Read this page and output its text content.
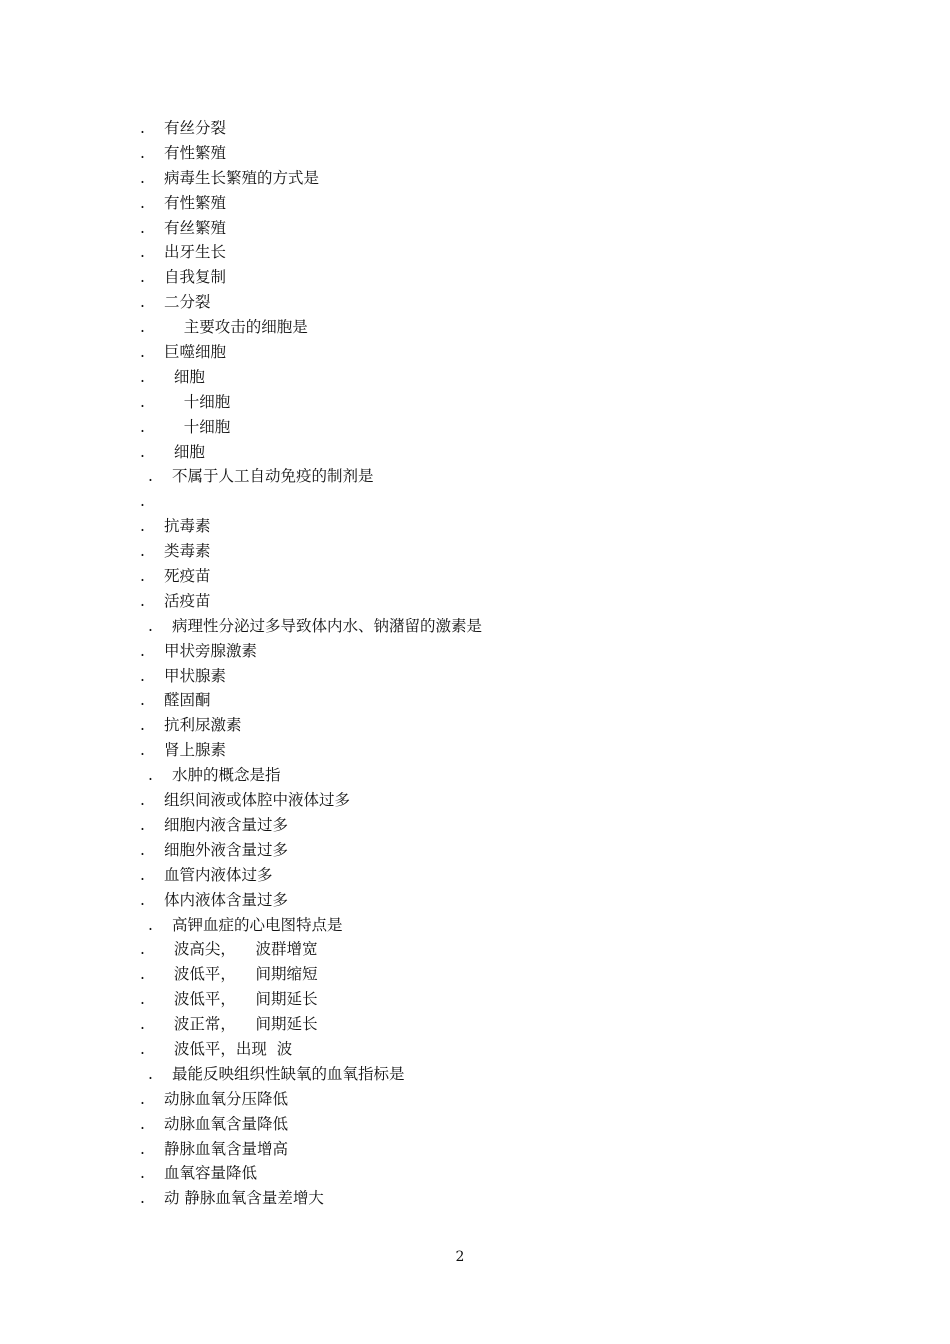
. 有丝分裂
. 有性繁殖
. 病毒生长繁殖的方式是
. 有性繁殖
. 有丝繁殖
. 出牙生长
. 自我复制
. 二分裂
. 主要攻击的细胞是
. 巨噬细胞
. 细胞
. 十细胞
. 十细胞
. 细胞
. 不属于人工自动免疫的制剂是
.
. 抗毒素
. 类毒素
. 死疫苗
. 活疫苗
. 病理性分泌过多导致体内水、钠潴留的激素是
. 甲状旁腺激素
. 甲状腺素
. 醛固酮
. 抗利尿激素
. 肾上腺素
. 水肿的概念是指
. 组织间液或体腔中液体过多
. 细胞内液含量过多
. 细胞外液含量过多
. 血管内液体过多
. 体内液体含量过多
. 高钾血症的心电图特点是
. 波高尖，    波群增宽
. 波低平，    间期缩短
. 波低平，    间期延长
. 波正常，    间期延长
. 波低平，出现  波
. 最能反映组织性缺氧的血氧指标是
. 动脉血氧分压降低
. 动脉血氧含量降低
. 静脉血氧含量增高
. 血氧容量降低
. 动 静脉血氧含量差增大
2
